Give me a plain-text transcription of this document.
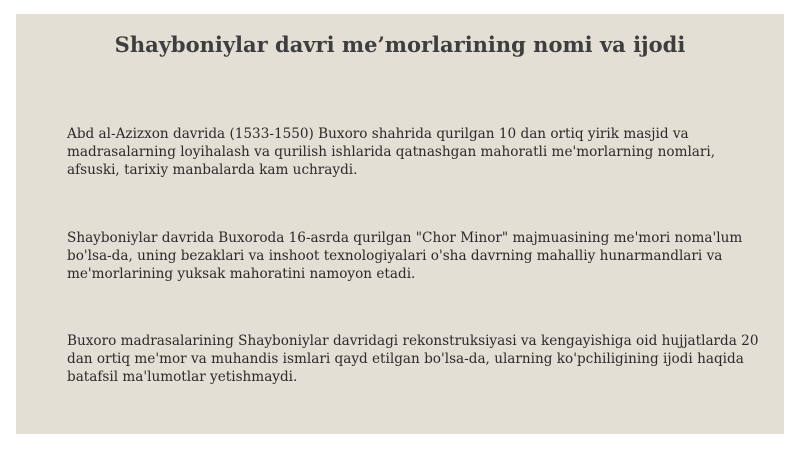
Shayboniylar davri me’morlarining nomi va ijodi

Abd al-Azizxon davrida (1533-1550) Buxoro shahrida qurilgan 10 dan ortiq yirik masjid va madrasalarning loyihalash va qurilish ishlarida qatnashgan mahoratli me'morlarning nomlari, afsuski, tarixiy manbalarda kam uchraydi.

Shayboniylar davrida Buxoroda 16-asrda qurilgan "Chor Minor" majmuasining me'mori noma'lum bo'lsa-da, uning bezaklari va inshoot texnologiyalari o'sha davrning mahalliy hunarmandlari va me'morlarining yuksak mahoratini namoyon etadi.

Buxoro madrasalarining Shayboniylar davridagi rekonstruksiyasi va kengayishiga oid hujjatlarda 20 dan ortiq me'mor va muhandis ismlari qayd etilgan bo'lsa-da, ularning ko'pchiligining ijodi haqida batafsil ma'lumotlar yetishmaydi.
